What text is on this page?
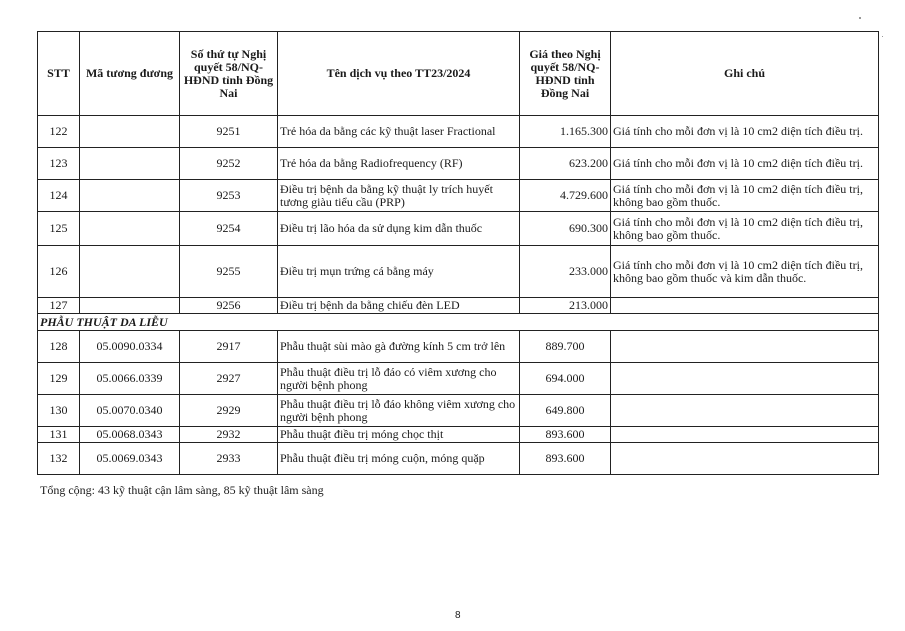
STT	Mã tương đương	Số thứ tự Nghị quyết 58/NQ-HĐND tỉnh Đồng Nai	Tên dịch vụ theo TT23/2024	Giá theo Nghị quyết 58/NQ-HĐND tỉnh Đồng Nai	Ghi chú
122		9251	Trẻ hóa da bằng các kỹ thuật laser Fractional	1.165.300	Giá tính cho mỗi đơn vị là 10 cm2 diện tích điều trị.
123		9252	Trẻ hóa da bằng Radiofrequency (RF)	623.200	Giá tính cho mỗi đơn vị là 10 cm2 diện tích điều trị.
124		9253	Điều trị bệnh da bằng kỹ thuật ly trích huyết tương giàu tiểu cầu (PRP)	4.729.600	Giá tính cho mỗi đơn vị là 10 cm2 diện tích điều trị, không bao gồm thuốc.
125		9254	Điều trị lão hóa da sử dụng kim dẫn thuốc	690.300	Giá tính cho mỗi đơn vị là 10 cm2 diện tích điều trị, không bao gồm thuốc.
126		9255	Điều trị mụn trứng cá bằng máy	233.000	Giá tính cho mỗi đơn vị là 10 cm2 diện tích điều trị, không bao gồm thuốc và kim dẫn thuốc.
127		9256	Điều trị bệnh da bằng chiếu đèn LED	213.000	
PHẪU THUẬT DA LIỄU					
128	05.0090.0334	2917	Phẫu thuật sùi mào gà đường kính 5 cm trở lên	889.700	
129	05.0066.0339	2927	Phẫu thuật điều trị lỗ đáo có viêm xương cho người bệnh phong	694.000	
130	05.0070.0340	2929	Phẫu thuật điều trị lỗ đáo không viêm xương cho người bệnh phong	649.800	
131	05.0068.0343	2932	Phẫu thuật điều trị móng chọc thịt	893.600	
132	05.0069.0343	2933	Phẫu thuật điều trị móng cuộn, móng quặp	893.600	
Tổng cộng: 43 kỹ thuật cận lâm sàng, 85 kỹ thuật lâm sàng
8
